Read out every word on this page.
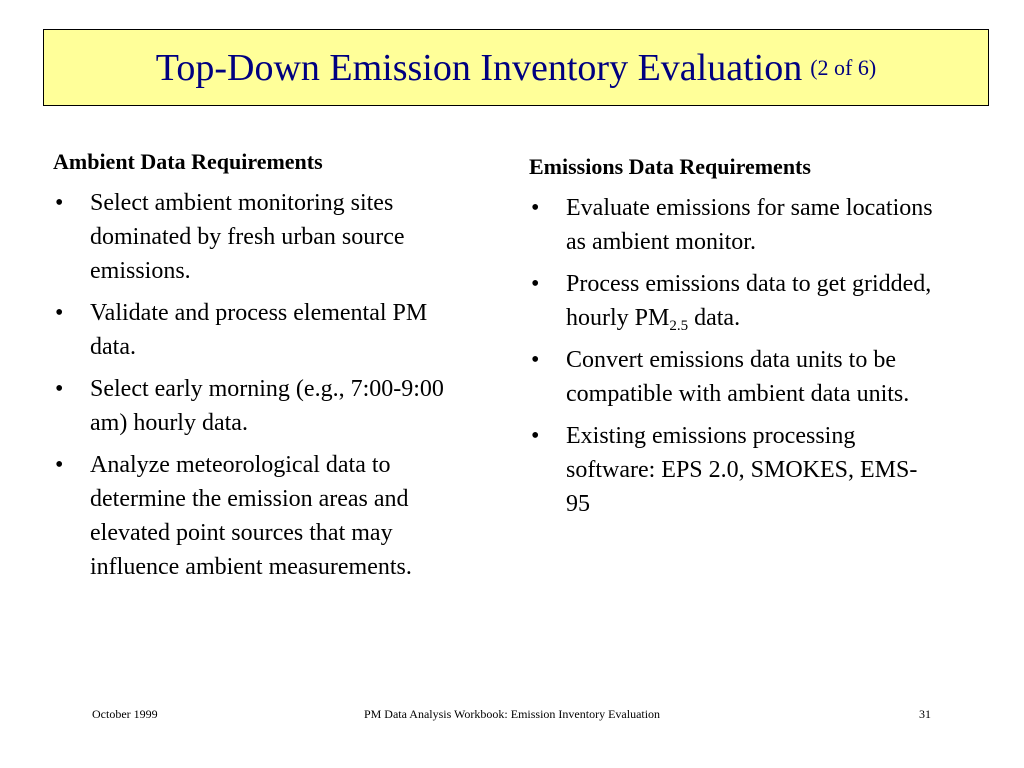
Top-Down Emission Inventory Evaluation (2 of 6)
Ambient Data Requirements
•	Select ambient monitoring sites dominated by fresh urban source emissions.
•	Validate and process elemental PM data.
•	Select early morning (e.g., 7:00-9:00 am) hourly data.
•	Analyze meteorological data to determine the emission areas and elevated point sources that may influence ambient measurements.
Emissions Data Requirements
•	Evaluate emissions for same locations as ambient monitor.
•	Process emissions data to get gridded, hourly $PM_{2.5}$ data.
•	Convert emissions data units to be compatible with ambient data units.
•	Existing emissions processing software: EPS 2.0, SMOKES, EMS-95
October 1999	PM Data Analysis Workbook: Emission Inventory Evaluation	31
